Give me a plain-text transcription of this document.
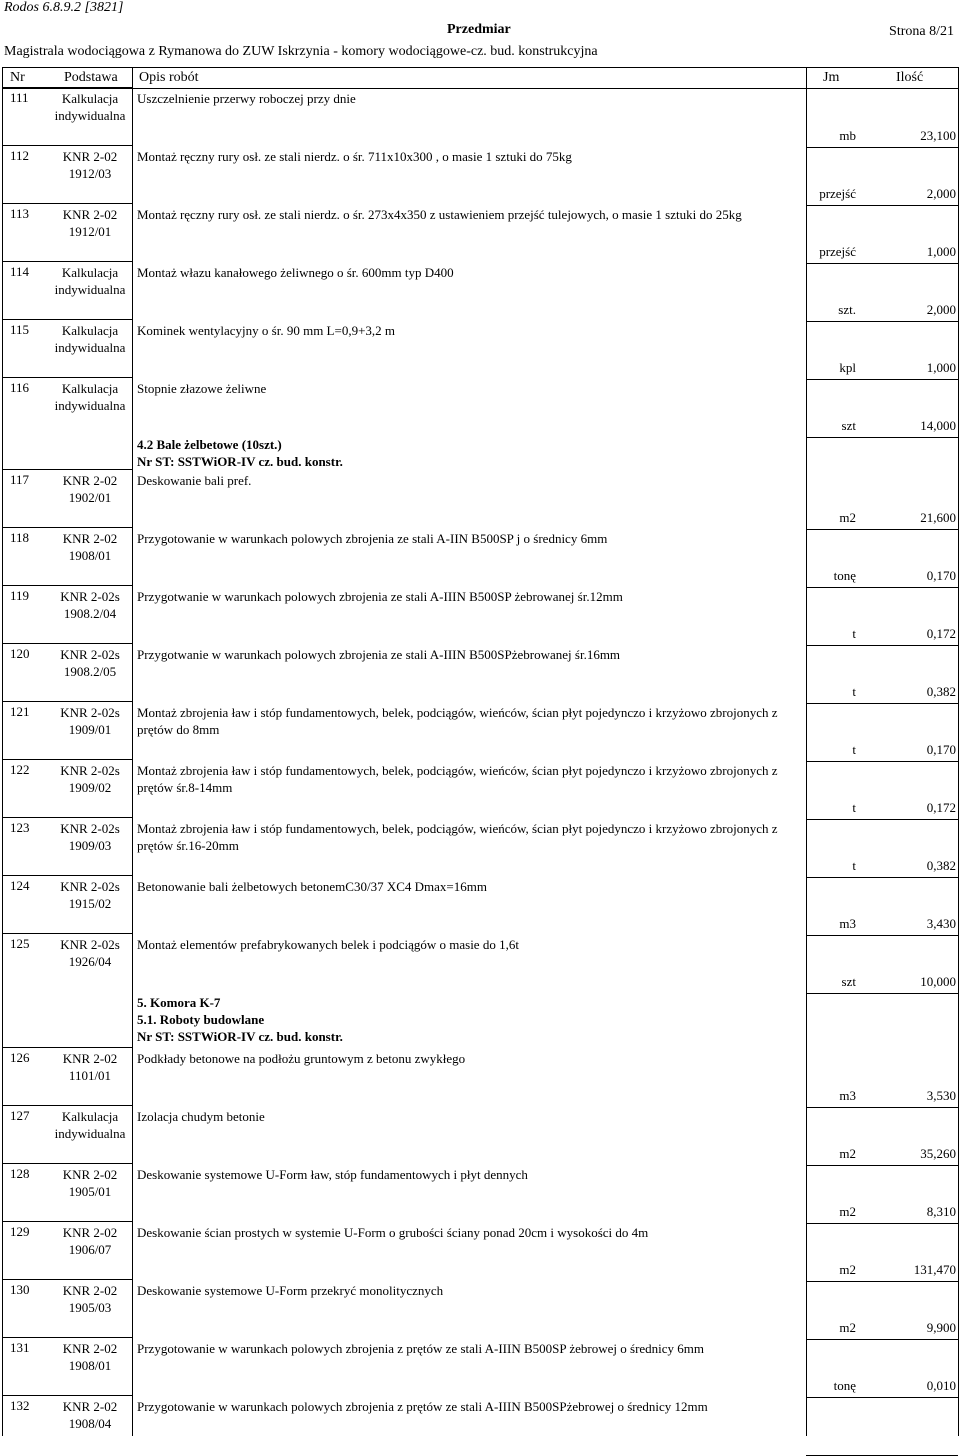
Rodos 6.8.9.2 [3821]
Przedmiar	Strona 8/21
Magistrala wodociągowa z Rymanowa do ZUW Iskrzynia - komory wodociągowe-cz. bud. konstrukcyjna
Nr	Podstawa Opis robót	Jm	Ilość
111	Kalkulacja indywidualna
Uszczelnienie przerwy roboczej przy dnie
mb	23,100
112	KNR 2-02 1912/03
Montaż ręczny rury osł. ze stali nierdz. o śr. 711x10x300 , o masie 1 sztuki do 75kg
przejść	2,000
113	KNR 2-02 1912/01
Montaż ręczny rury osł. ze stali nierdz. o śr. 273x4x350 z ustawieniem przejść tulejowych, o masie 1 sztuki do 25kg
przejść	1,000
114	Kalkulacja indywidualna
Montaż włazu kanałowego żeliwnego o śr. 600mm typ D400
szt.	2,000
115	Kalkulacja indywidualna
Kominek wentylacyjny o śr. 90 mm L=0,9+3,2 m
kpl	1,000
116	Kalkulacja indywidualna
Stopnie złazowe żeliwne
szt	14,000
117	KNR 2-02 1902/01
Deskowanie bali pref.
m2	21,600
118	KNR 2-02 1908/01
Przygotowanie w warunkach polowych zbrojenia ze stali A-IIN B500SP j o średnicy 6mm
tonę	0,170
119	KNR 2-02s 1908.2/04
Przygotwanie w warunkach polowych zbrojenia ze stali A-IIIN B500SP żebrowanej śr.12mm
t	0,172
120	KNR 2-02s 1908.2/05
Przygotwanie w warunkach polowych zbrojenia ze stali A-IIIN B500SPżebrowanej śr.16mm
t	0,382
121	KNR 2-02s 1909/01
Montaż zbrojenia ław i stóp fundamentowych, belek, podciągów, wieńców, ścian płyt pojedynczo i krzyżowo zbrojonych z prętów do 8mm
t	0,170
122	KNR 2-02s 1909/02
Montaż zbrojenia ław i stóp fundamentowych, belek, podciągów, wieńców, ścian płyt pojedynczo i krzyżowo zbrojonych z prętów śr.8-14mm
t	0,172
123	KNR 2-02s 1909/03
Montaż zbrojenia ław i stóp fundamentowych, belek, podciągów, wieńców, ścian płyt pojedynczo i krzyżowo zbrojonych z prętów śr.16-20mm
t	0,382
124	KNR 2-02s 1915/02
Betonowanie bali żelbetowych betonemC30/37 XC4 Dmax=16mm
m3	3,430
125	KNR 2-02s 1926/04
Montaż elementów prefabrykowanych belek i podciągów o masie do 1,6t
szt	10,000
126	KNR 2-02 1101/01
Podkłady betonowe na podłożu gruntowym z betonu zwykłego
m3	3,530
127	Kalkulacja indywidualna
Izolacja chudym betonie
m2	35,260
128	KNR 2-02 1905/01
Deskowanie systemowe U-Form ław, stóp fundamentowych i płyt dennych
m2	8,310
129	KNR 2-02 1906/07
Deskowanie ścian prostych w systemie U-Form o grubości ściany ponad 20cm i wysokości do 4m
m2	131,470
130	KNR 2-02 1905/03
Deskowanie systemowe U-Form przekryć monolitycznych
m2	9,900
131	KNR 2-02 1908/01
Przygotowanie w warunkach polowych zbrojenia z prętów ze stali A-IIIN B500SP żebrowej o średnicy 6mm
tonę	0,010
132	KNR 2-02 1908/04
Przygotowanie w warunkach polowych zbrojenia z prętów ze stali A-IIIN B500SPżebrowej o średnicy 12mm
4.2 Bale żelbetowe (10szt.)
Nr ST: SSTWiOR-IV cz. bud. konstr.
5. Komora K-7
5.1. Roboty budowlane
Nr ST: SSTWiOR-IV cz. bud. konstr.
